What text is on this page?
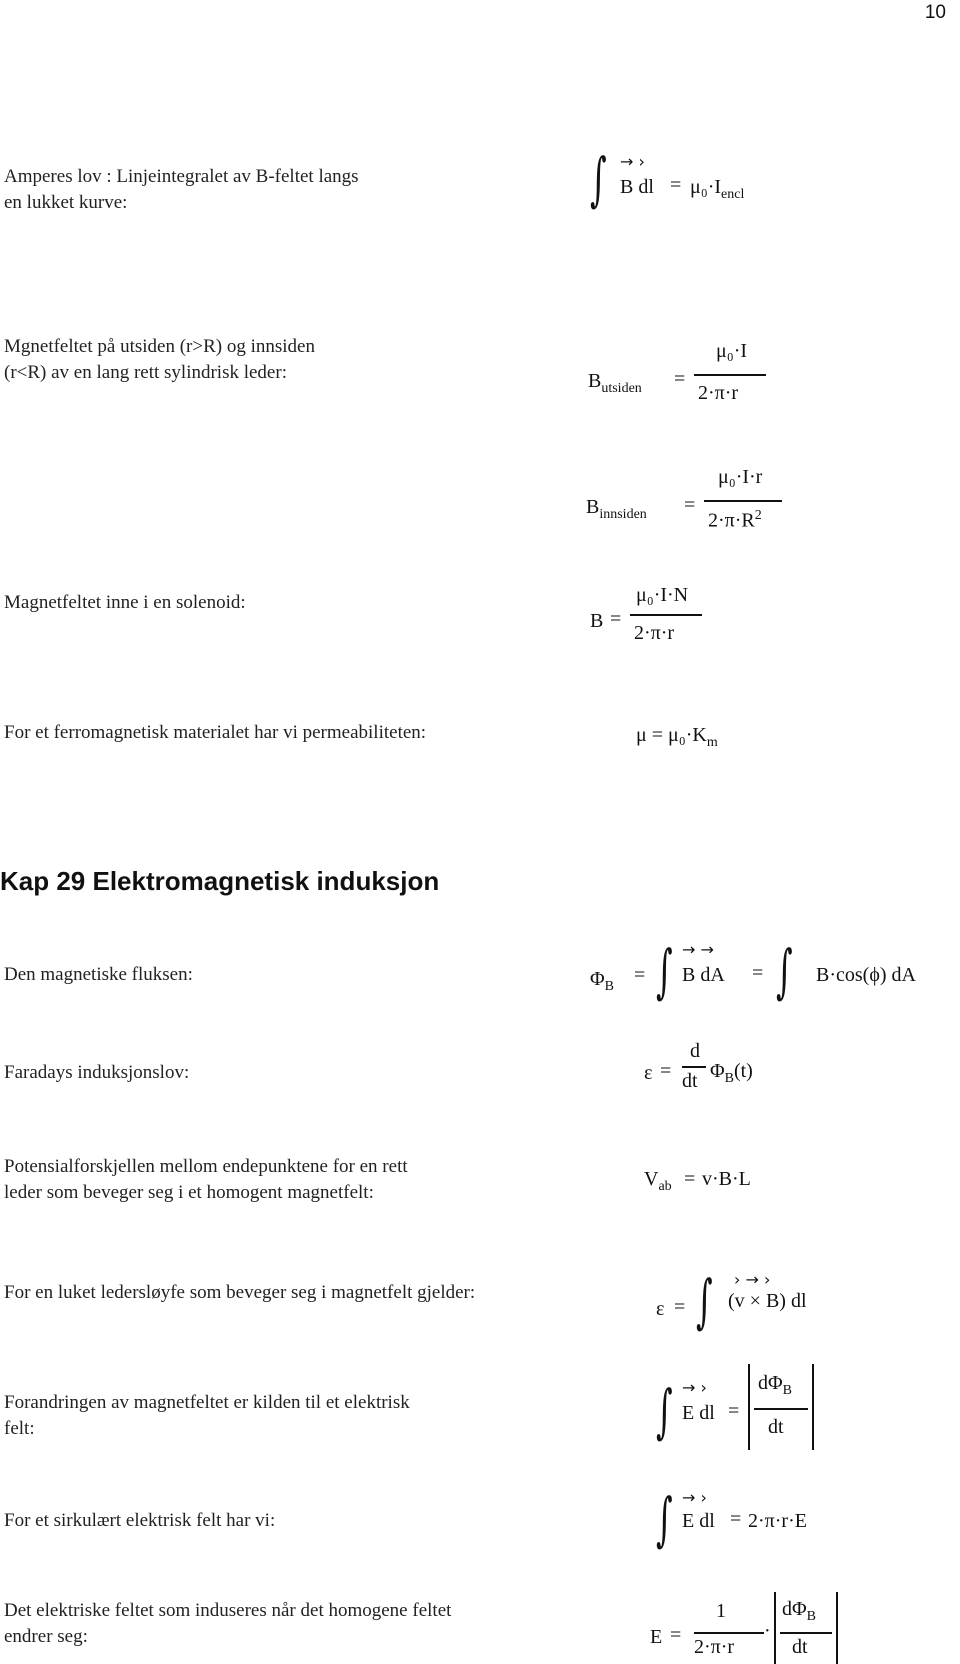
10
Amperes lov : Linjeintegralet av B-feltet langs
en lukket kurve:	∫ → ›
B dl = $\mu_0\cdot I_{encl}$
Mgnetfeltet på utsiden (r>R) og innsiden
(r<R) av en lang rett sylindrisk leder:	$B_{utsiden}$ =
μ₀·I
2·π·r
$B_{innsiden}$ =
μ₀·I·r
$2\cdot\pi\cdot R^2$
Magnetfeltet inne i en solenoid:
B =
μ₀·I·N
2·π·r
For et ferromagnetisk materialet har vi permeabiliteten:	$\mu = \mu_0\cdot K_m$
Kap 29 Elektromagnetisk induksjon
Den magnetiske fluksen:	$\Phi_B$
= ∫ → →
B dA = ∫ B·cos(ϕ) dA
Faradays induksjonslov:	ε =
d
dt $\Phi_B(t)$
Potensialforskjellen mellom endepunktene for en rett
leder som beveger seg i et homogent magnetfelt:
$V_{ab} = v\cdot B\cdot L$
For en luket ledersløyfe som beveger seg i magnetfelt gjelder:
ε = ∫ › → ›
(v × B) dl
Forandringen av magnetfeltet er kilden til et elektrisk
felt:	∫ → ›
E dl =
$d\Phi_B$
dt
For et sirkulært elektrisk felt har vi:	∫ → ›
E dl = 2·π·r·E
Det elektriske feltet som induseres når det homogene feltet
endrer seg:	E =
1
2·π·r
·
$d\Phi_B$
dt
